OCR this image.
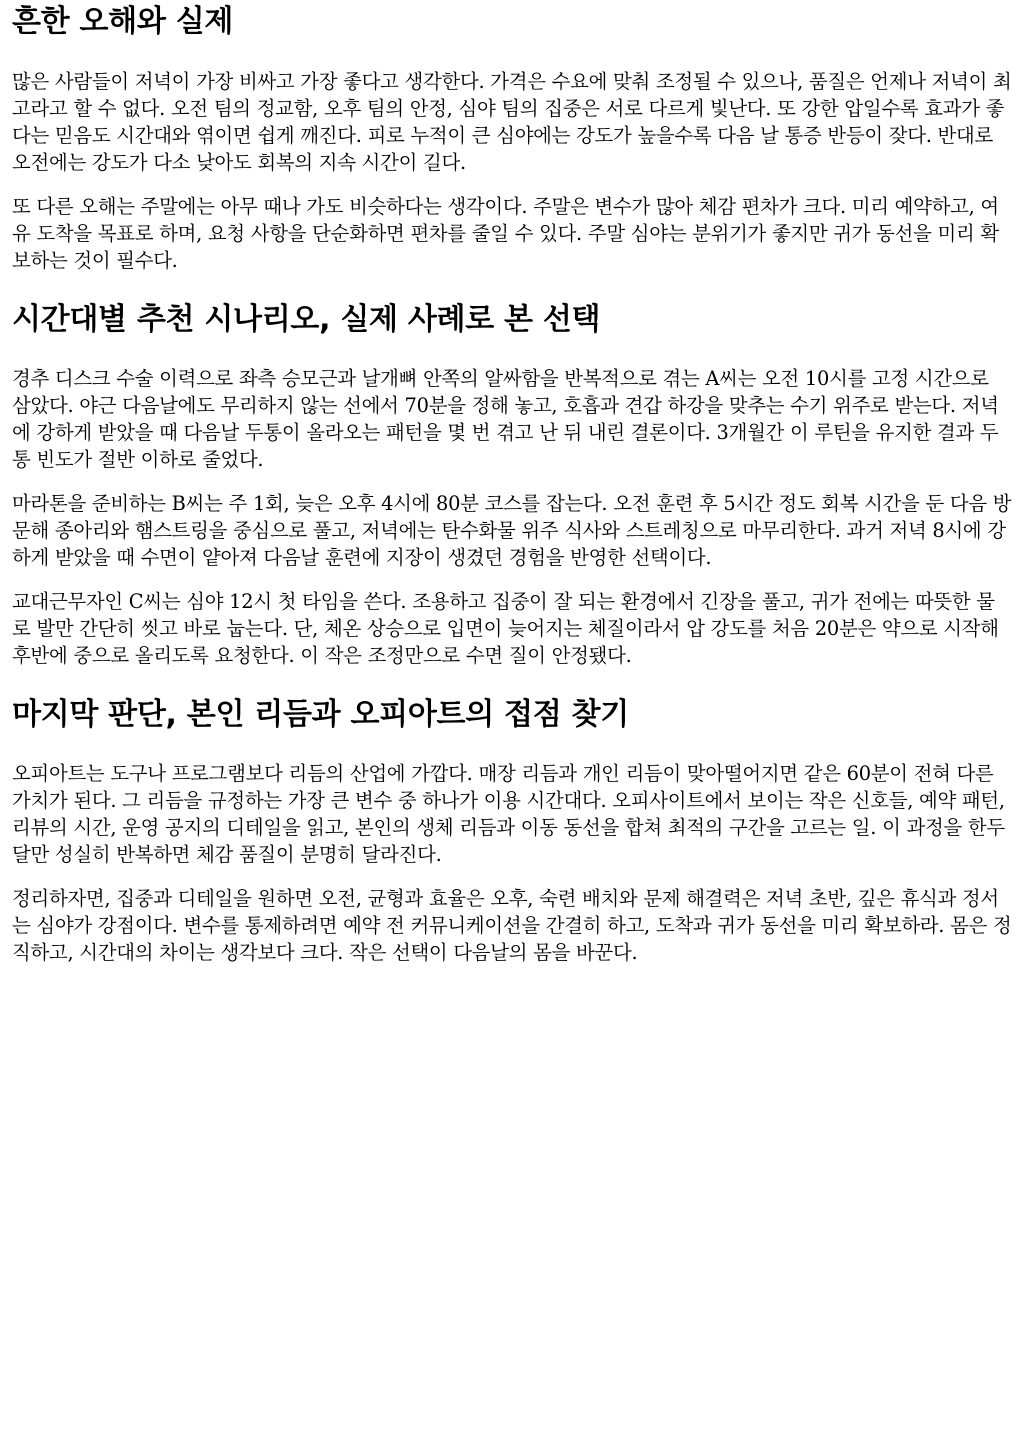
흔한 오해와 실제

많은 사람들이 저녁이 가장 비싸고 가장 좋다고 생각한다. 가격은 수요에 맞춰 조정될 수 있으나, 품질은 언제나 저녁이 최고라고 할 수 없다. 오전 팀의 정교함, 오후 팀의 안정, 심야 팀의 집중은 서로 다르게 빛난다. 또 강한 압일수록 효과가 좋다는 믿음도 시간대와 엮이면 쉽게 깨진다. 피로 누적이 큰 심야에는 강도가 높을수록 다음 날 통증 반등이 잦다. 반대로 오전에는 강도가 다소 낮아도 회복의 지속 시간이 길다.

또 다른 오해는 주말에는 아무 때나 가도 비슷하다는 생각이다. 주말은 변수가 많아 체감 편차가 크다. 미리 예약하고, 여유 도착을 목표로 하며, 요청 사항을 단순화하면 편차를 줄일 수 있다. 주말 심야는 분위기가 좋지만 귀가 동선을 미리 확보하는 것이 필수다.

시간대별 추천 시나리오, 실제 사례로 본 선택

경추 디스크 수술 이력으로 좌측 승모근과 날개뼈 안쪽의 알싸함을 반복적으로 겪는 A씨는 오전 10시를 고정 시간으로 삼았다. 야근 다음날에도 무리하지 않는 선에서 70분을 정해 놓고, 호흡과 견갑 하강을 맞추는 수기 위주로 받는다. 저녁에 강하게 받았을 때 다음날 두통이 올라오는 패턴을 몇 번 겪고 난 뒤 내린 결론이다. 3개월간 이 루틴을 유지한 결과 두통 빈도가 절반 이하로 줄었다.

마라톤을 준비하는 B씨는 주 1회, 늦은 오후 4시에 80분 코스를 잡는다. 오전 훈련 후 5시간 정도 회복 시간을 둔 다음 방문해 종아리와 햄스트링을 중심으로 풀고, 저녁에는 탄수화물 위주 식사와 스트레칭으로 마무리한다. 과거 저녁 8시에 강하게 받았을 때 수면이 얕아져 다음날 훈련에 지장이 생겼던 경험을 반영한 선택이다.

교대근무자인 C씨는 심야 12시 첫 타임을 쓴다. 조용하고 집중이 잘 되는 환경에서 긴장을 풀고, 귀가 전에는 따뜻한 물로 발만 간단히 씻고 바로 눕는다. 단, 체온 상승으로 입면이 늦어지는 체질이라서 압 강도를 처음 20분은 약으로 시작해 후반에 중으로 올리도록 요청한다. 이 작은 조정만으로 수면 질이 안정됐다.

마지막 판단, 본인 리듬과 오피아트의 접점 찾기

오피아트는 도구나 프로그램보다 리듬의 산업에 가깝다. 매장 리듬과 개인 리듬이 맞아떨어지면 같은 60분이 전혀 다른 가치가 된다. 그 리듬을 규정하는 가장 큰 변수 중 하나가 이용 시간대다. 오피사이트에서 보이는 작은 신호들, 예약 패턴, 리뷰의 시간, 운영 공지의 디테일을 읽고, 본인의 생체 리듬과 이동 동선을 합쳐 최적의 구간을 고르는 일. 이 과정을 한두 달만 성실히 반복하면 체감 품질이 분명히 달라진다.

정리하자면, 집중과 디테일을 원하면 오전, 균형과 효율은 오후, 숙련 배치와 문제 해결력은 저녁 초반, 깊은 휴식과 정서는 심야가 강점이다. 변수를 통제하려면 예약 전 커뮤니케이션을 간결히 하고, 도착과 귀가 동선을 미리 확보하라. 몸은 정직하고, 시간대의 차이는 생각보다 크다. 작은 선택이 다음날의 몸을 바꾼다.
